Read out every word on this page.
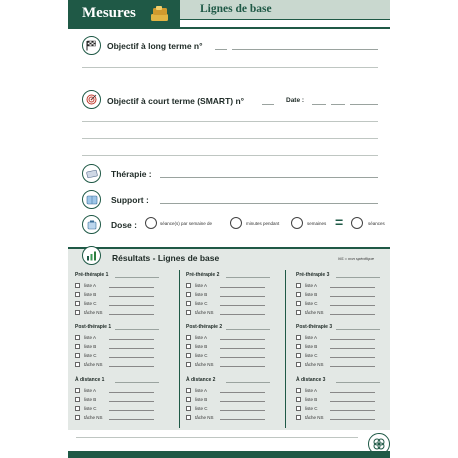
Mesures	Lignes de base
Objectif à long terme n°
Objectif à court terme (SMART) n°	Date :
Thérapie :
Support :
Dose :	séance(s) par semaine de	minutes pendant	semaines =	séances
Résultats - Lignes de base	NS = non spécifique
Pré-thérapie 1
liste A
liste B
liste C
tâche NS
Post-thérapie 1
liste A
liste B
liste C
tâche NS
À distance 1
liste A
liste B
liste C
tâche NS
Pré-thérapie 2
liste A
liste B
liste C
tâche NS
Post-thérapie 2
liste A
liste B
liste C
tâche NS
À distance 2
liste A
liste B
liste C
tâche NS
Pré-thérapie 3
liste A
liste B
liste C
tâche NS
Post-thérapie 3
liste A
liste B
liste C
tâche NS
À distance 3
liste A
liste B
liste C
tâche NS
